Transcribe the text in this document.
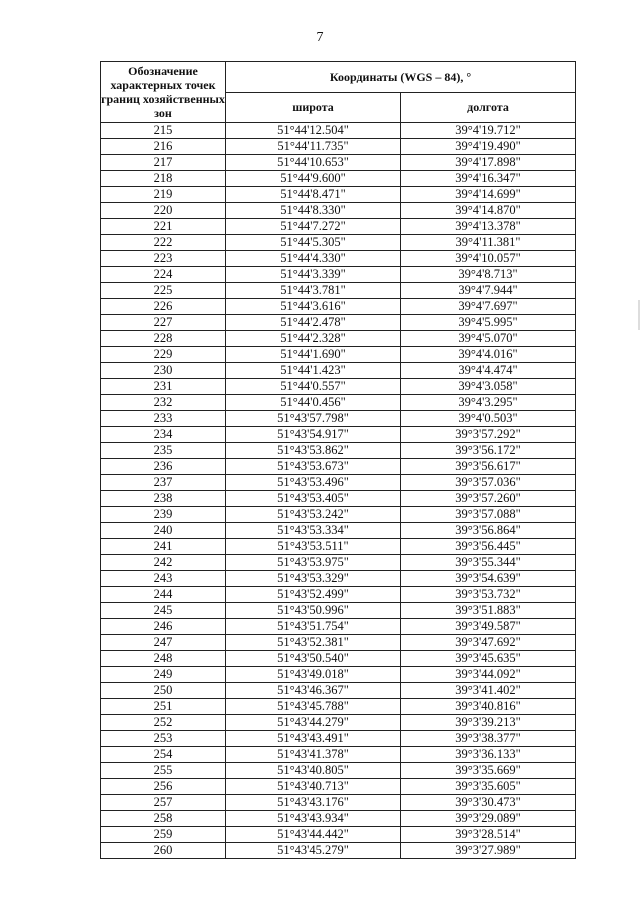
7
Обозначение характерных точек границ хозяйственных зон	Координаты (WGS – 84), °	
	широта	долгота
215	51°44'12.504"	39°4'19.712"
216	51°44'11.735"	39°4'19.490"
217	51°44'10.653"	39°4'17.898"
218	51°44'9.600"	39°4'16.347"
219	51°44'8.471"	39°4'14.699"
220	51°44'8.330"	39°4'14.870"
221	51°44'7.272"	39°4'13.378"
222	51°44'5.305"	39°4'11.381"
223	51°44'4.330"	39°4'10.057"
224	51°44'3.339"	39°4'8.713"
225	51°44'3.781"	39°4'7.944"
226	51°44'3.616"	39°4'7.697"
227	51°44'2.478"	39°4'5.995"
228	51°44'2.328"	39°4'5.070"
229	51°44'1.690"	39°4'4.016"
230	51°44'1.423"	39°4'4.474"
231	51°44'0.557"	39°4'3.058"
232	51°44'0.456"	39°4'3.295"
233	51°43'57.798"	39°4'0.503"
234	51°43'54.917"	39°3'57.292"
235	51°43'53.862"	39°3'56.172"
236	51°43'53.673"	39°3'56.617"
237	51°43'53.496"	39°3'57.036"
238	51°43'53.405"	39°3'57.260"
239	51°43'53.242"	39°3'57.088"
240	51°43'53.334"	39°3'56.864"
241	51°43'53.511"	39°3'56.445"
242	51°43'53.975"	39°3'55.344"
243	51°43'53.329"	39°3'54.639"
244	51°43'52.499"	39°3'53.732"
245	51°43'50.996"	39°3'51.883"
246	51°43'51.754"	39°3'49.587"
247	51°43'52.381"	39°3'47.692"
248	51°43'50.540"	39°3'45.635"
249	51°43'49.018"	39°3'44.092"
250	51°43'46.367"	39°3'41.402"
251	51°43'45.788"	39°3'40.816"
252	51°43'44.279"	39°3'39.213"
253	51°43'43.491"	39°3'38.377"
254	51°43'41.378"	39°3'36.133"
255	51°43'40.805"	39°3'35.669"
256	51°43'40.713"	39°3'35.605"
257	51°43'43.176"	39°3'30.473"
258	51°43'43.934"	39°3'29.089"
259	51°43'44.442"	39°3'28.514"
260	51°43'45.279"	39°3'27.989"
